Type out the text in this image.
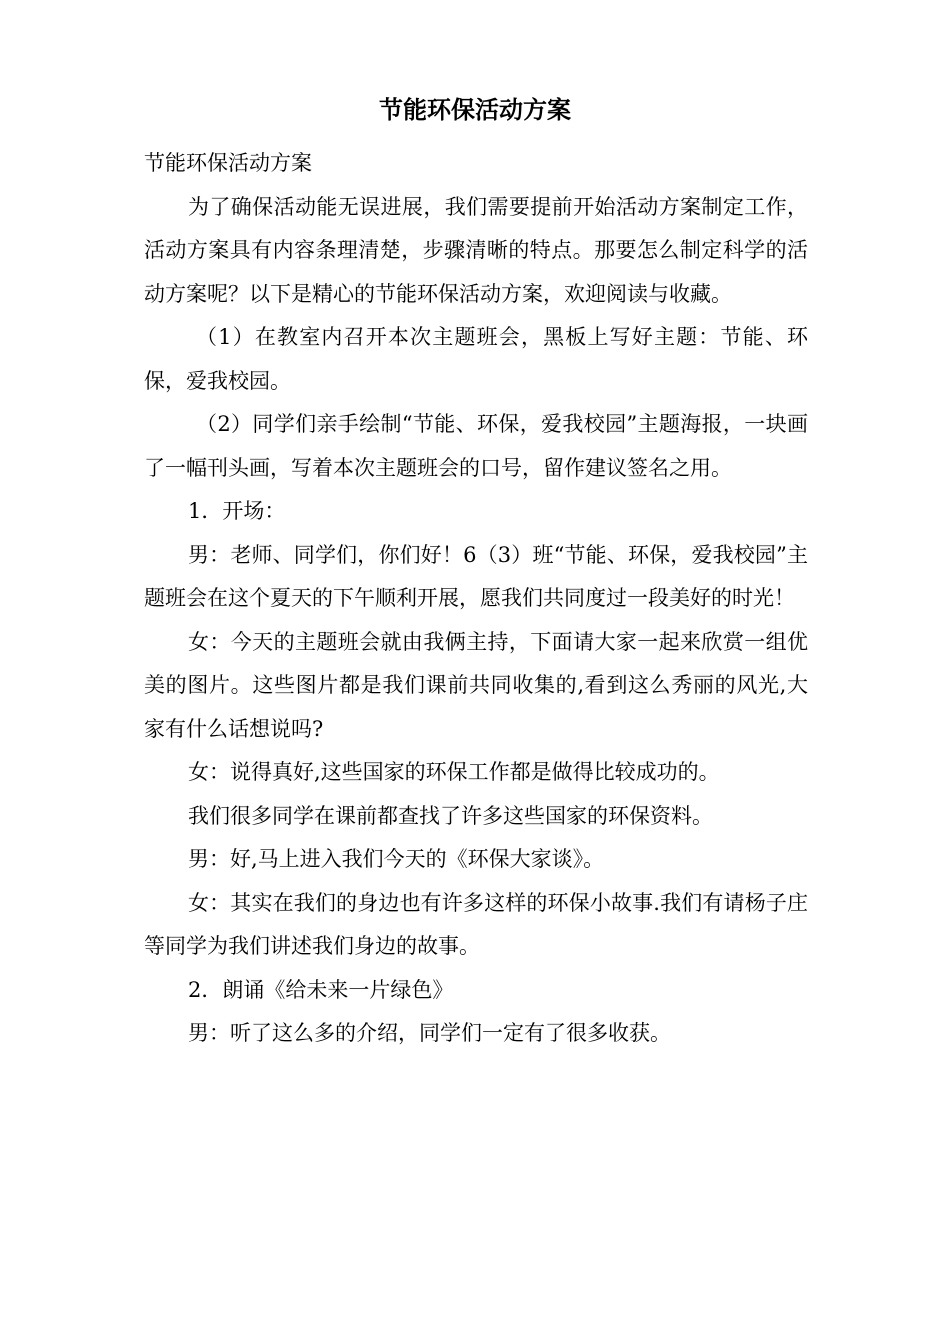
节能环保活动方案

节能环保活动方案

为了确保活动能无误进展，我们需要提前开始活动方案制定工作，活动方案具有内容条理清楚，步骤清晰的特点。那要怎么制定科学的活动方案呢？以下是精心的节能环保活动方案，欢迎阅读与收藏。

（1）在教室内召开本次主题班会，黑板上写好主题：节能、环保，爱我校园。

（2）同学们亲手绘制“节能、环保，爱我校园”主题海报，一块画了一幅刊头画，写着本次主题班会的口号，留作建议签名之用。

1．开场：

男：老师、同学们，你们好！6（3）班“节能、环保，爱我校园”主题班会在这个夏天的下午顺利开展，愿我们共同度过一段美好的时光！

女：今天的主题班会就由我俩主持，下面请大家一起来欣赏一组优美的图片。这些图片都是我们课前共同收集的,看到这么秀丽的风光,大家有什么话想说吗?

女：说得真好,这些国家的环保工作都是做得比较成功的。

我们很多同学在课前都查找了许多这些国家的环保资料。

男：好,马上进入我们今天的《环保大家谈》。

女：其实在我们的身边也有许多这样的环保小故事.我们有请杨子庄等同学为我们讲述我们身边的故事。

2．朗诵《给未来一片绿色》

男：听了这么多的介绍，同学们一定有了很多收获。
